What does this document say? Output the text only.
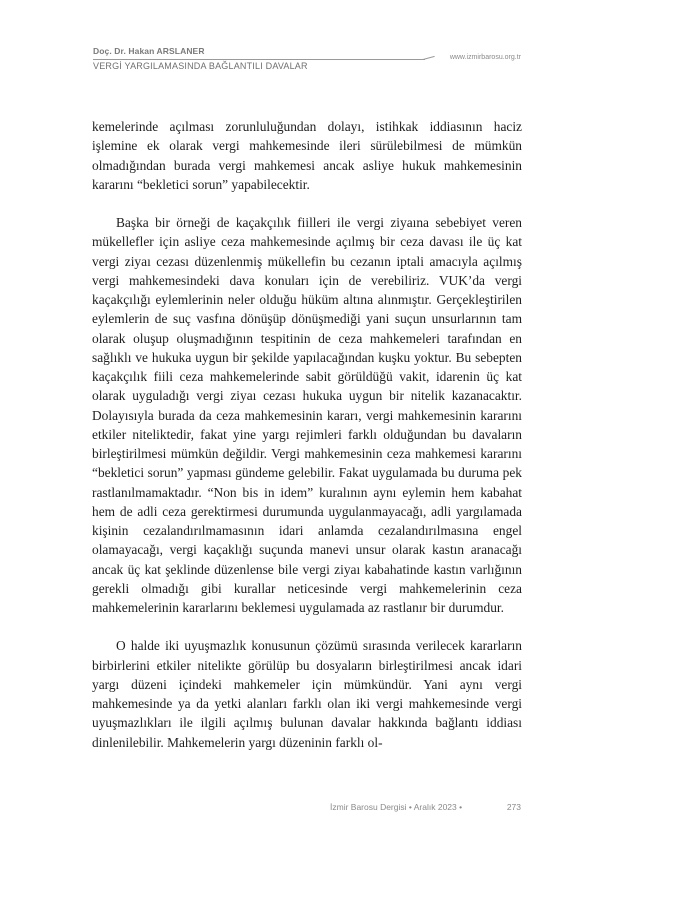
Doç. Dr. Hakan ARSLANER
VERGİ YARGILAMASINDA BAĞLANTILI DAVALAR
www.izmirbarosu.org.tr

kemelerinde açılması zorunluluğundan dolayı, istihkak iddiasının haciz işlemine ek olarak vergi mahkemesinde ileri sürülebilmesi de mümkün olmadığından burada vergi mahkemesi ancak asliye hukuk mahkemesinin kararını “bekletici sorun” yapabilecektir.

Başka bir örneği de kaçakçılık fiilleri ile vergi ziyaına sebebiyet veren mükellefler için asliye ceza mahkemesinde açılmış bir ceza davası ile üç kat vergi ziyaı cezası düzenlenmiş mükellefin bu cezanın iptali amacıyla açılmış vergi mahkemesindeki dava konuları için de verebiliriz. VUK’da vergi kaçakçılığı eylemlerinin neler olduğu hüküm altına alınmıştır. Gerçekleştirilen eylemlerin de suç vasfına dönüşüp dönüşmediği yani suçun unsurlarının tam olarak oluşup oluşmadığının tespitinin de ceza mahkemeleri tarafından en sağlıklı ve hukuka uygun bir şekilde yapılacağından kuşku yoktur. Bu sebepten kaçakçılık fiili ceza mahkemelerinde sabit görüldüğü vakit, idarenin üç kat olarak uyguladığı vergi ziyaı cezası hukuka uygun bir nitelik kazanacaktır. Dolayısıyla burada da ceza mahkemesinin kararı, vergi mahkemesinin kararını etkiler niteliktedir, fakat yine yargı rejimleri farklı olduğundan bu davaların birleştirilmesi mümkün değildir. Vergi mahkemesinin ceza mahkemesi kararını “bekletici sorun” yapması gündeme gelebilir. Fakat uygulamada bu duruma pek rastlanılmamaktadır. “Non bis in idem” kuralının aynı eylemin hem kabahat hem de adli ceza gerektirmesi durumunda uygulanmayacağı, adli yargılamada kişinin cezalandırılmamasının idari anlamda cezalandırılmasına engel olamayacağı, vergi kaçaklığı suçunda manevi unsur olarak kastın aranacağı ancak üç kat şeklinde düzenlense bile vergi ziyaı kabahatinde kastın varlığının gerekli olmadığı gibi kurallar neticesinde vergi mahkemelerinin ceza mahkemelerinin kararlarını beklemesi uygulamada az rastlanır bir durumdur.

O halde iki uyuşmazlık konusunun çözümü sırasında verilecek kararların birbirlerini etkiler nitelikte görülüp bu dosyaların birleştirilmesi ancak idari yargı düzeni içindeki mahkemeler için mümkündür. Yani aynı vergi mahkemesinde ya da yetki alanları farklı olan iki vergi mahkemesinde vergi uyuşmazlıkları ile ilgili açılmış bulunan davalar hakkında bağlantı iddiası dinlenilebilir. Mahkemelerin yargı düzeninin farklı ol-

İzmir Barosu Dergisi • Aralık 2023 •	273
